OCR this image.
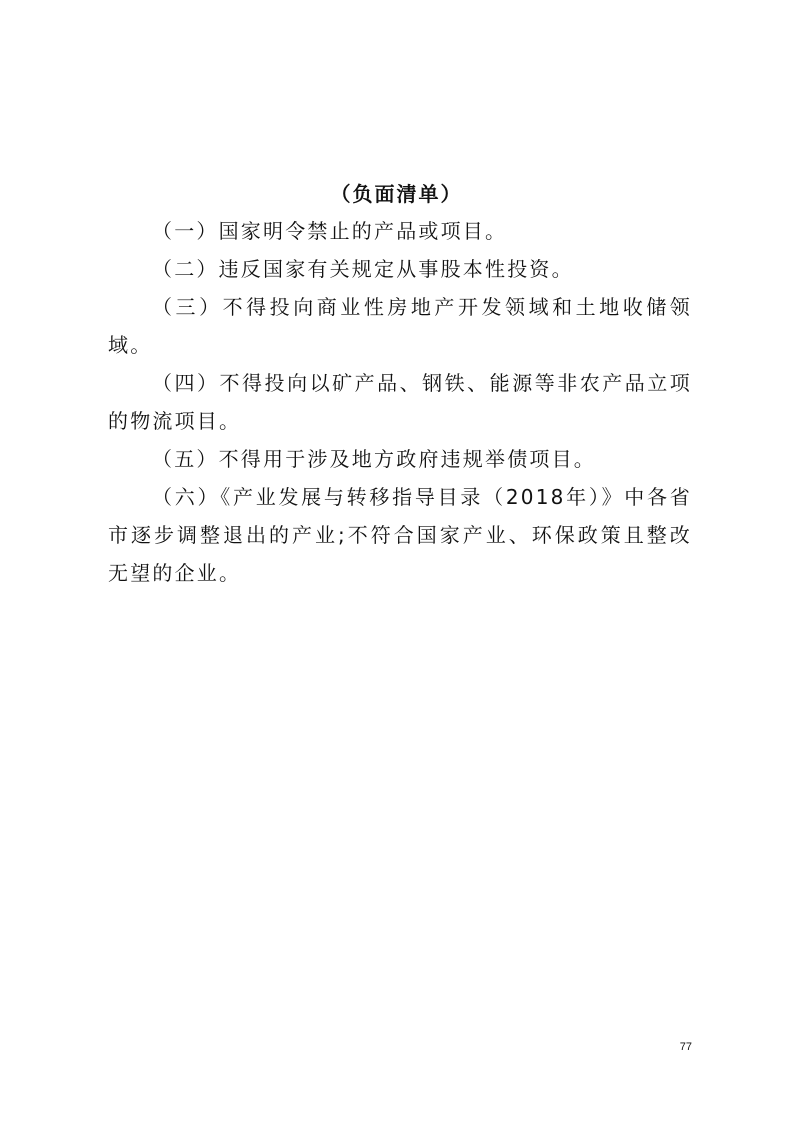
（负面清单）

（一）国家明令禁止的产品或项目。

（二）违反国家有关规定从事股本性投资。

（三）不得投向商业性房地产开发领域和土地收储领域。

（四）不得投向以矿产品、钢铁、能源等非农产品立项的物流项目。

（五）不得用于涉及地方政府违规举债项目。

（六）《产业发展与转移指导目录（2018年）》中各省市逐步调整退出的产业;不符合国家产业、环保政策且整改无望的企业。

77
